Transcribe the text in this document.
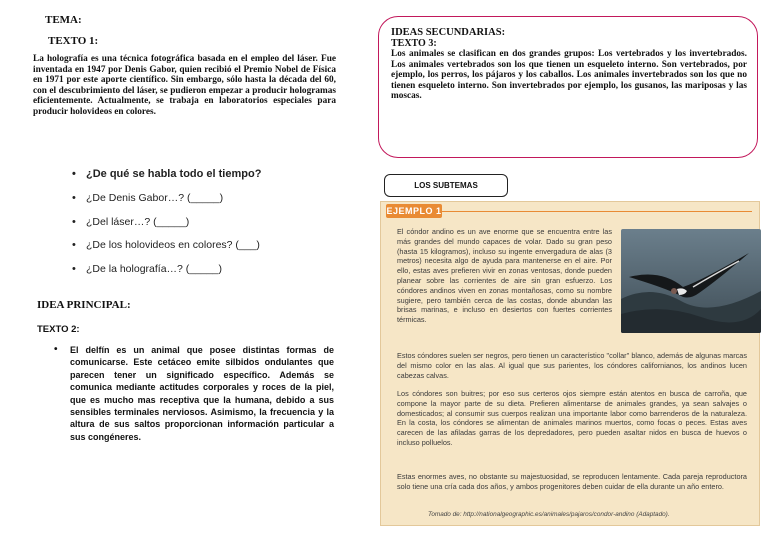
TEMA:
TEXTO 1:
La holografía es una técnica fotográfica basada en el empleo del láser. Fue inventada en 1947 por Denis Gabor, quien recibió el Premio Nobel de Física en 1971 por este aporte científico. Sin embargo, sólo hasta la década del 60, con el descubrimiento del láser, se pudieron empezar a producir hologramas eficientemente. Actualmente, se trabaja en laboratorios especiales para producir holovideos en colores.
• ¿De qué se habla todo el tiempo?
• ¿De Denis Gabor…? (_____)
• ¿Del láser…? (_____)
• ¿De los holovideos en colores? (___)
• ¿De la holografía…? (_____)
IDEA PRINCIPAL:
TEXTO 2:
• El delfín es un animal que posee distintas formas de comunicarse. Este cetáceo emite silbidos ondulantes que parecen tener un significado específico. Además se comunica mediante actitudes corporales y roces de la piel, que es mucho mas receptiva que la humana, debido a sus sensibles terminales nerviosos. Asimismo, la frecuencia y la altura de sus saltos proporcionan información particular a sus congéneres.
IDEAS SECUNDARIAS:
TEXTO 3:
Los animales se clasifican en dos grandes grupos: Los vertebrados y los invertebrados. Los animales vertebrados son los que tienen un esqueleto interno. Son vertebrados, por ejemplo, los perros, los pájaros y los caballos. Los animales invertebrados son los que no tienen esqueleto interno. Son invertebrados por ejemplo, los gusanos, las mariposas y las moscas.
LOS SUBTEMAS
EJEMPLO 1
El cóndor andino es un ave enorme que se encuentra entre las más grandes del mundo capaces de volar. Dado su gran peso (hasta 15 kilogramos), incluso su ingente envergadura de alas (3 metros) necesita algo de ayuda para mantenerse en el aire. Por ello, estas aves prefieren vivir en zonas ventosas, donde pueden planear sobre las corrientes de aire sin gran esfuerzo. Los cóndores andinos viven en zonas montañosas, como su nombre sugiere, pero también cerca de las costas, donde abundan las brisas marinas, e incluso en desiertos con fuertes corrientes térmicas.
Estos cóndores suelen ser negros, pero tienen un característico "collar" blanco, además de algunas marcas del mismo color en las alas. Al igual que sus parientes, los cóndores californianos, los andinos lucen cabezas calvas.
Los cóndores son buitres; por eso sus certeros ojos siempre están atentos en busca de carroña, que compone la mayor parte de su dieta. Prefieren alimentarse de animales grandes, ya sean salvajes o domesticados; al consumir sus cuerpos realizan una importante labor como barrenderos de la naturaleza. En la costa, los cóndores se alimentan de animales marinos muertos, como focas o peces. Estas aves carecen de las afiladas garras de los depredadores, pero pueden asaltar nidos en busca de huevos o incluso polluelos.
Estas enormes aves, no obstante su majestuosidad, se reproducen lentamente. Cada pareja reproductora solo tiene una cría cada dos años, y ambos progenitores deben cuidar de ella durante un año entero.
Tomado de: http://nationalgeographic.es/animales/pajaros/condor-andino (Adaptado).
